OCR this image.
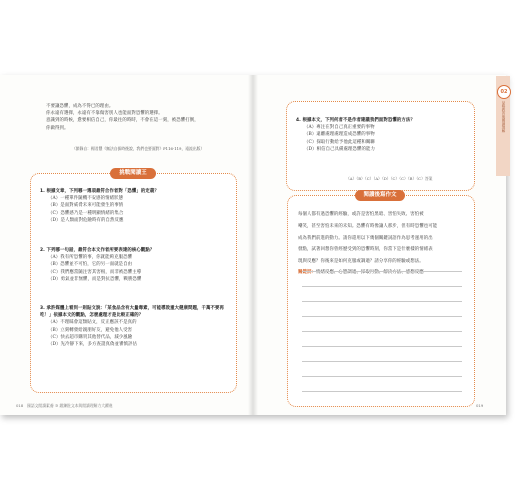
不要讓恐懼，成為不得已的理由。

你永遠有選擇，永遠有不靠傷害別人也能面對恐懼的選擇。

意識到的時候，愈要相信自己，你最往的時時，不會在這一刻，被恐懼打倒，

你做得到。

（節錄自：楊君豐《無法自拔時後說，我們也要面對》P116-119，遠流出版）
挑戰閱讀王

1. 根據文章，下列哪一選項最符合作者對「恐懼」的定義？

（A）一種單件隨機不安感的情緒狀態

（B）是面對威脅未來可能發生的事情

（C）恐懼感乃是一種明顯情緒的集合

（D）是人類面對危險時有的自然反應

2. 下列哪一句話，最符合本文作者所要表達的核心觀點？

（A）我有所恐懼的事，你就能夠克服恐懼

（B）恐懼並不可怕，它的另一面就是自由

（C）我們應當隨注害其害根，而非被恐懼主導

（D）勇氣並非無懼，而是對抗恐懼，戰勝恐懼

3. 承許媒體上看到一則貼文說：「某食品含有大量毒素，可能導致重大健康問題，千萬不要再吃！」依據本文的觀點，怎麼處理才是比較正確的？

（A）不理睬會這類貼文，反正應該不是真的

（B）立刻轉發給親朋好友，避免他人受害

（C）快去超市購買其他替代品，減少風險

（D）先冷靜下來，多方查證真偽並審慎評估

018　國語文閱讀素養 ③ 鍛鍊批文本與閱讀理解力大躍進

4. 根據本文，下列何者不是作者建議我們面對恐懼的方法？

（A）專注在對自己真正重要的事物

（B）遠離處理處理造成恐懼的事物

（C）探取行動給予他此這種和關聯

（D）相信自己具備處理恐懼的能力

（A）（B）（C）（A）（D）（C）（C）（B）（C）答案
閱讀後寫作文

每個人都有過恐懼的經驗，或許是害怕黑暗、害怕失敗、害怕被

嘲笑，甚至害怕未來的未知。恐懼有時像讓人那步，但有時恐懼也可能

成為我們前進的動力。請你還用以下幾個關鍵詞語作為思考運用的出

發點，試著回想你曾經歷受到的恐懼時刻，你當下是什麼樣的情緒表

現與反應？你後來是如何克服或調適？請分享你的經驗或想法。

關鍵詞：情緒反應、心態調適、採取行動、解決方法、感想反應

019
02
品格教育與閱讀理解
